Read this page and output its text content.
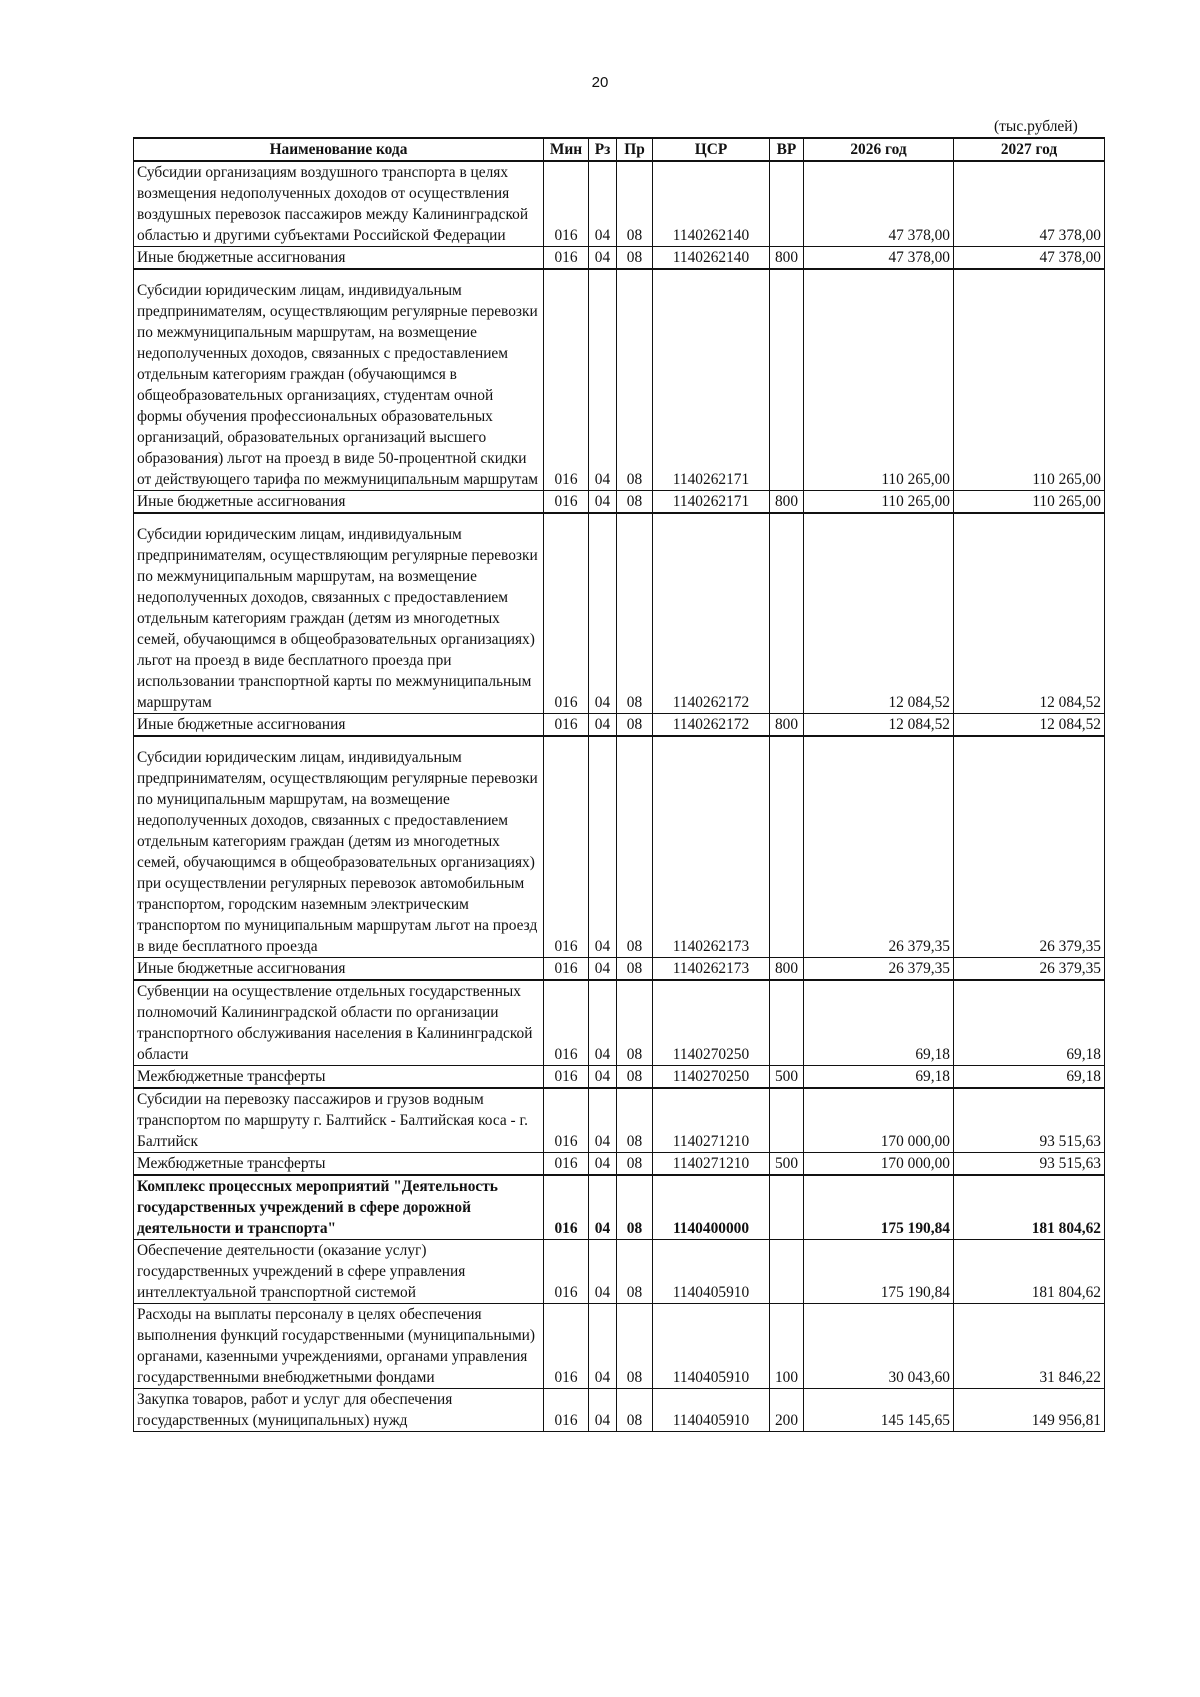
20
(тыс.рублей)
Наименование кода	Мин	Рз	Пр	ЦСР	ВР	2026 год	2027 год
Субсидии организациям воздушного транспорта в целях возмещения недополученных доходов от осуществления воздушных перевозок пассажиров между Калининградской областью и другими субъектами Российской Федерации	016	04	08	1140262140		47 378,00	47 378,00
Иные бюджетные ассигнования	016	04	08	1140262140	800	47 378,00	47 378,00
Субсидии юридическим лицам, индивидуальным предпринимателям, осуществляющим регулярные перевозки по межмуниципальным маршрутам, на возмещение недополученных доходов, связанных с предоставлением отдельным категориям граждан (обучающимся в общеобразовательных организациях, студентам очной формы обучения профессиональных образовательных организаций, образовательных организаций высшего образования) льгот на проезд в виде 50-процентной скидки от действующего тарифа по межмуниципальным маршрутам	016	04	08	1140262171		110 265,00	110 265,00
Иные бюджетные ассигнования	016	04	08	1140262171	800	110 265,00	110 265,00
Субсидии юридическим лицам, индивидуальным предпринимателям, осуществляющим регулярные перевозки по межмуниципальным маршрутам, на возмещение недополученных доходов, связанных с предоставлением отдельным категориям граждан (детям из многодетных семей, обучающимся в общеобразовательных организациях) льгот на проезд в виде бесплатного проезда при использовании транспортной карты по межмуниципальным маршрутам	016	04	08	1140262172		12 084,52	12 084,52
Иные бюджетные ассигнования	016	04	08	1140262172	800	12 084,52	12 084,52
Субсидии юридическим лицам, индивидуальным предпринимателям, осуществляющим регулярные перевозки по муниципальным маршрутам, на возмещение недополученных доходов, связанных с предоставлением отдельным категориям граждан (детям из многодетных семей, обучающимся в общеобразовательных организациях) при осуществлении регулярных перевозок автомобильным транспортом, городским наземным электрическим транспортом по муниципальным маршрутам льгот на проезд в виде бесплатного проезда	016	04	08	1140262173		26 379,35	26 379,35
Иные бюджетные ассигнования	016	04	08	1140262173	800	26 379,35	26 379,35
Субвенции на осуществление отдельных государственных полномочий Калининградской области по организации транспортного обслуживания населения в Калининградской области	016	04	08	1140270250		69,18	69,18
Межбюджетные трансферты	016	04	08	1140270250	500	69,18	69,18
Субсидии на перевозку пассажиров и грузов водным транспортом по маршруту г. Балтийск - Балтийская коса - г. Балтийск	016	04	08	1140271210		170 000,00	93 515,63
Межбюджетные трансферты	016	04	08	1140271210	500	170 000,00	93 515,63
Комплекс процессных мероприятий "Деятельность государственных учреждений в сфере дорожной деятельности и транспорта"	016	04	08	1140400000		175 190,84	181 804,62
Обеспечение деятельности (оказание услуг) государственных учреждений в сфере управления интеллектуальной транспортной системой	016	04	08	1140405910		175 190,84	181 804,62
Расходы на выплаты персоналу в целях обеспечения выполнения функций государственными (муниципальными) органами, казенными учреждениями, органами управления государственными внебюджетными фондами	016	04	08	1140405910	100	30 043,60	31 846,22
Закупка товаров, работ и услуг для обеспечения государственных (муниципальных) нужд	016	04	08	1140405910	200	145 145,65	149 956,81
